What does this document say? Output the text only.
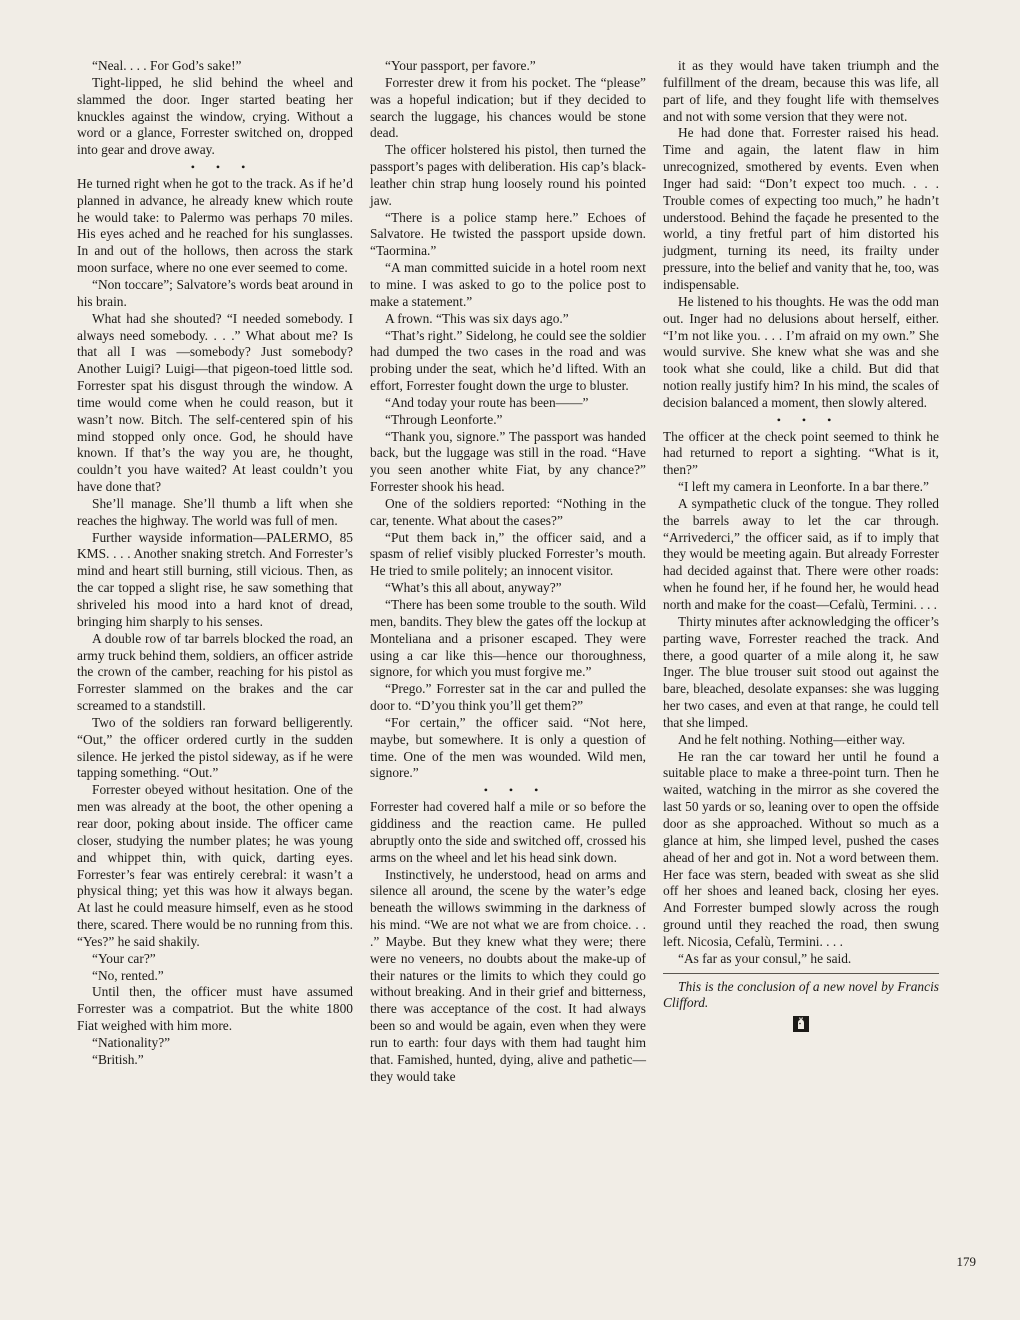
“Neal. . . . For God’s sake!”

Tight-lipped, he slid behind the wheel and slammed the door. Inger started beating her knuckles against the window, crying. Without a word or a glance, Forrester switched on, dropped into gear and drove away.

• • •

He turned right when he got to the track. As if he’d planned in advance, he already knew which route he would take: to Palermo was perhaps 70 miles. His eyes ached and he reached for his sunglasses. In and out of the hollows, then across the stark moon surface, where no one ever seemed to come.

“Non toccare”; Salvatore’s words beat around in his brain.

What had she shouted? “I needed somebody. I always need somebody. . . .” What about me? Is that all I was —somebody? Just somebody? Another Luigi? Luigi—that pigeon-toed little sod. Forrester spat his disgust through the window. A time would come when he could reason, but it wasn’t now. Bitch. The self-centered spin of his mind stopped only once. God, he should have known. If that’s the way you are, he thought, couldn’t you have waited? At least couldn’t you have done that?

She’ll manage. She’ll thumb a lift when she reaches the highway. The world was full of men.

Further wayside information—PALERMO, 85 KMS. . . . Another snaking stretch. And Forrester’s mind and heart still burning, still vicious. Then, as the car topped a slight rise, he saw something that shriveled his mood into a hard knot of dread, bringing him sharply to his senses.

A double row of tar barrels blocked the road, an army truck behind them, soldiers, an officer astride the crown of the camber, reaching for his pistol as Forrester slammed on the brakes and the car screamed to a standstill.

Two of the soldiers ran forward belligerently. “Out,” the officer ordered curtly in the sudden silence. He jerked the pistol sideway, as if he were tapping something. “Out.”

Forrester obeyed without hesitation. One of the men was already at the boot, the other opening a rear door, poking about inside. The officer came closer, studying the number plates; he was young and whippet thin, with quick, darting eyes. Forrester’s fear was entirely cerebral: it wasn’t a physical thing; yet this was how it always began. At last he could measure himself, even as he stood there, scared. There would be no running from this. “Yes?” he said shakily.

“Your car?”

“No, rented.”

Until then, the officer must have assumed Forrester was a compatriot. But the white 1800 Fiat weighed with him more.

“Nationality?”

“British.”

“Your passport, per favore.”

Forrester drew it from his pocket. The “please” was a hopeful indication; but if they decided to search the luggage, his chances would be stone dead.

The officer holstered his pistol, then turned the passport’s pages with deliberation. His cap’s black-leather chin strap hung loosely round his pointed jaw.

“There is a police stamp here.” Echoes of Salvatore. He twisted the passport upside down. “Taormina.”

“A man committed suicide in a hotel room next to mine. I was asked to go to the police post to make a statement.”

A frown. “This was six days ago.”

“That’s right.” Sidelong, he could see the soldier had dumped the two cases in the road and was probing under the seat, which he’d lifted. With an effort, Forrester fought down the urge to bluster.

“And today your route has been——”

“Through Leonforte.”

“Thank you, signore.” The passport was handed back, but the luggage was still in the road. “Have you seen another white Fiat, by any chance?” Forrester shook his head.

One of the soldiers reported: “Nothing in the car, tenente. What about the cases?”

“Put them back in,” the officer said, and a spasm of relief visibly plucked Forrester’s mouth. He tried to smile politely; an innocent visitor.

“What’s this all about, anyway?”

“There has been some trouble to the south. Wild men, bandits. They blew the gates off the lockup at Monteliana and a prisoner escaped. They were using a car like this—hence our thoroughness, signore, for which you must forgive me.”

“Prego.” Forrester sat in the car and pulled the door to. “D’you think you’ll get them?”

“For certain,” the officer said. “Not here, maybe, but somewhere. It is only a question of time. One of the men was wounded. Wild men, signore.”

• • •

Forrester had covered half a mile or so before the giddiness and the reaction came. He pulled abruptly onto the side and switched off, crossed his arms on the wheel and let his head sink down.

Instinctively, he understood, head on arms and silence all around, the scene by the water’s edge beneath the willows swimming in the darkness of his mind. “We are not what we are from choice. . . .” Maybe. But they knew what they were; there were no veneers, no doubts about the make-up of their natures or the limits to which they could go without breaking. And in their grief and bitterness, there was acceptance of the cost. It had always been so and would be again, even when they were run to earth: four days with them had taught him that. Famished, hunted, dying, alive and pathetic—they would take

it as they would have taken triumph and the fulfillment of the dream, because this was life, all part of life, and they fought life with themselves and not with some version that they were not.

He had done that. Forrester raised his head. Time and again, the latent flaw in him unrecognized, smothered by events. Even when Inger had said: “Don’t expect too much. . . . Trouble comes of expecting too much,” he hadn’t understood. Behind the façade he presented to the world, a tiny fretful part of him distorted his judgment, turning its need, its frailty under pressure, into the belief and vanity that he, too, was indispensable.

He listened to his thoughts. He was the odd man out. Inger had no delusions about herself, either. “I’m not like you. . . . I’m afraid on my own.” She would survive. She knew what she was and she took what she could, like a child. But did that notion really justify him? In his mind, the scales of decision balanced a moment, then slowly altered.

• • •

The officer at the check point seemed to think he had returned to report a sighting. “What is it, then?”

“I left my camera in Leonforte. In a bar there.”

A sympathetic cluck of the tongue. They rolled the barrels away to let the car through. “Arrivederci,” the officer said, as if to imply that they would be meeting again. But already Forrester had decided against that. There were other roads: when he found her, if he found her, he would head north and make for the coast—Cefalù, Termini. . . .

Thirty minutes after acknowledging the officer’s parting wave, Forrester reached the track. And there, a good quarter of a mile along it, he saw Inger. The blue trouser suit stood out against the bare, bleached, desolate expanses: she was lugging her two cases, and even at that range, he could tell that she limped.

And he felt nothing. Nothing—either way.

He ran the car toward her until he found a suitable place to make a three-point turn. Then he waited, watching in the mirror as she covered the last 50 yards or so, leaning over to open the offside door as she approached. Without so much as a glance at him, she limped level, pushed the cases ahead of her and got in. Not a word between them. Her face was stern, beaded with sweat as she slid off her shoes and leaned back, closing her eyes. And Forrester bumped slowly across the rough ground until they reached the road, then swung left. Nicosia, Cefalù, Termini. . . .

“As far as your consul,” he said.

This is the conclusion of a new novel by Francis Clifford.

179
